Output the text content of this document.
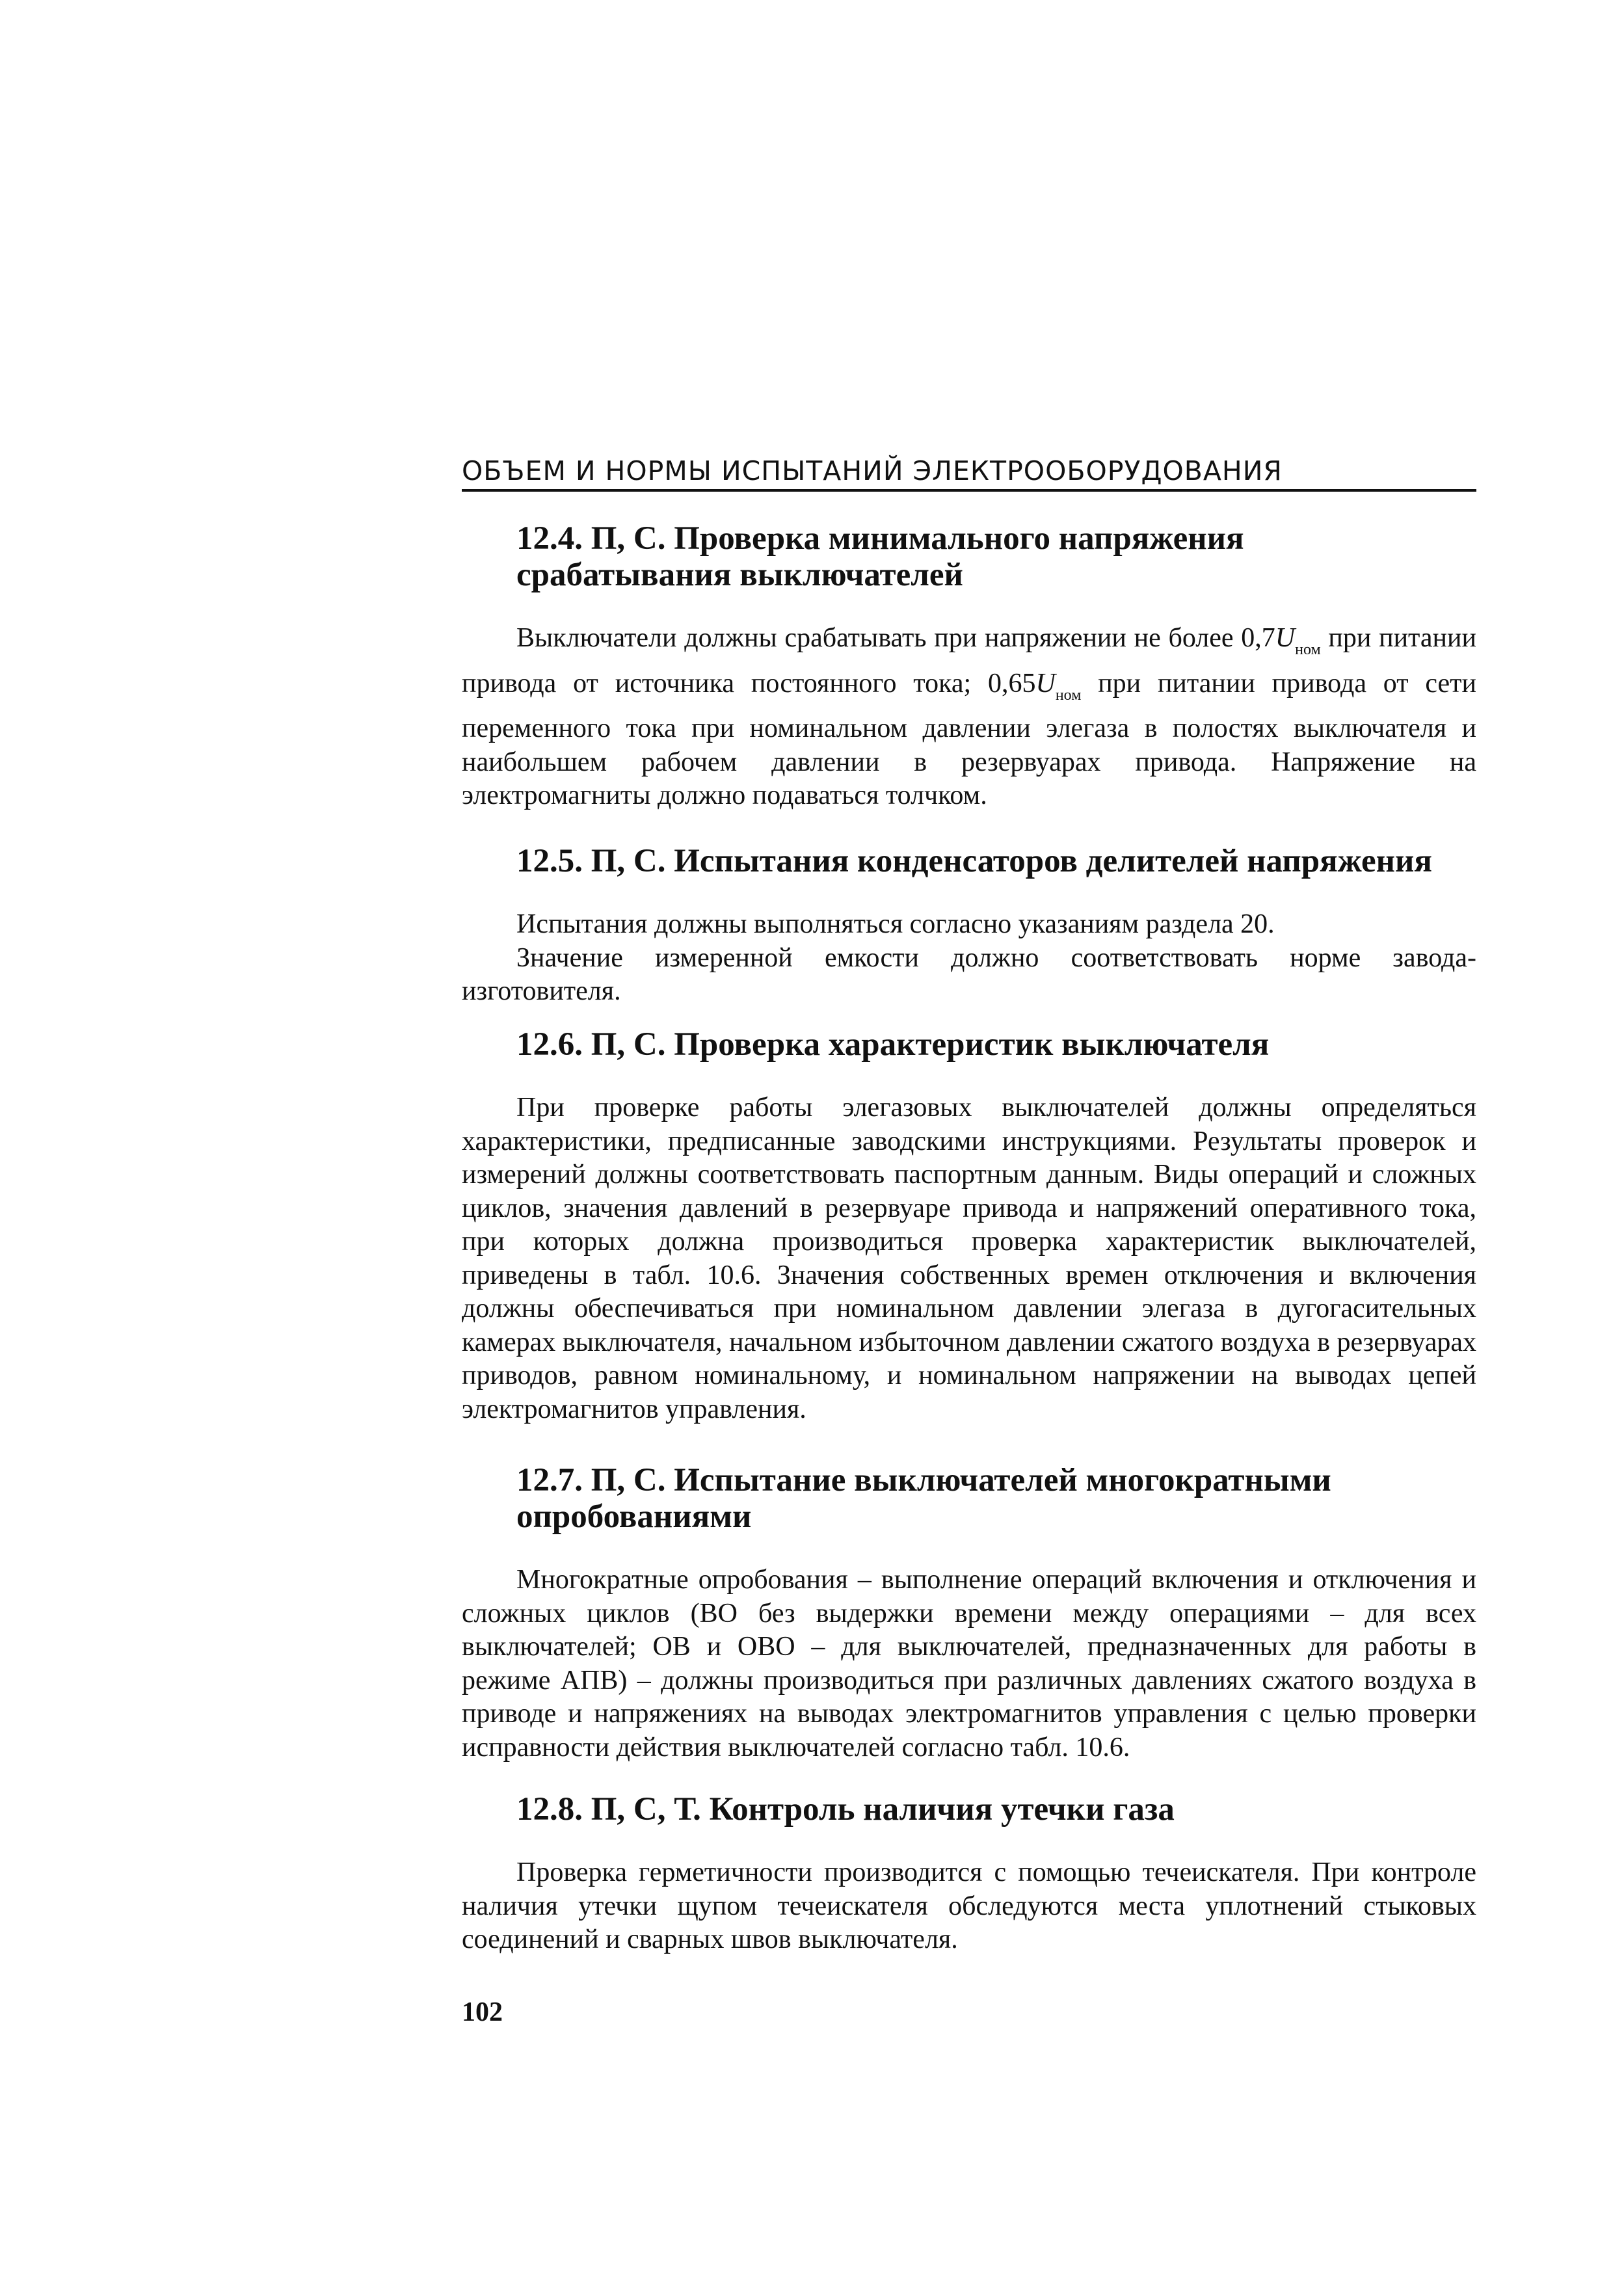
ОБЪЕМ И НОРМЫ ИСПЫТАНИЙ ЭЛЕКТРООБОРУДОВАНИЯ
12.4. П, С. Проверка минимального напряжения срабатывания выключателей

Выключатели должны срабатывать при напряжении не более $0,7U_{ном}$ при питании привода от источника постоянного тока; $0,65U_{ном}$ при питании привода от сети переменного тока при номинальном давлении элегаза в полостях выключателя и наибольшем рабочем давлении в резервуарах привода. Напряжение на электромагниты должно подаваться толчком.

12.5. П, С. Испытания конденсаторов делителей напряжения

Испытания должны выполняться согласно указаниям раздела 20.

Значение измеренной емкости должно соответствовать норме завода-изготовителя.

12.6. П, С. Проверка характеристик выключателя

При проверке работы элегазовых выключателей должны определяться характеристики, предписанные заводскими инструкциями. Результаты проверок и измерений должны соответствовать паспортным данным. Виды операций и сложных циклов, значения давлений в резервуаре привода и напряжений оперативного тока, при которых должна производиться проверка характеристик выключателей, приведены в табл. 10.6. Значения собственных времен отключения и включения должны обеспечиваться при номинальном давлении элегаза в дугогасительных камерах выключателя, начальном избыточном давлении сжатого воздуха в резервуарах приводов, равном номинальному, и номинальном напряжении на выводах цепей электромагнитов управления.

12.7. П, С. Испытание выключателей многократными опробованиями

Многократные опробования – выполнение операций включения и отключения и сложных циклов (ВО без выдержки времени между операциями – для всех выключателей; ОВ и ОВО – для выключателей, предназначенных для работы в режиме АПВ) – должны производиться при различных давлениях сжатого воздуха в приводе и напряжениях на выводах электромагнитов управления с целью проверки исправности действия выключателей согласно табл. 10.6.

12.8. П, С, Т. Контроль наличия утечки газа

Проверка герметичности производится с помощью течеискателя. При контроле наличия утечки щупом течеискателя обследуются места уплотнений стыковых соединений и сварных швов выключателя.

102
